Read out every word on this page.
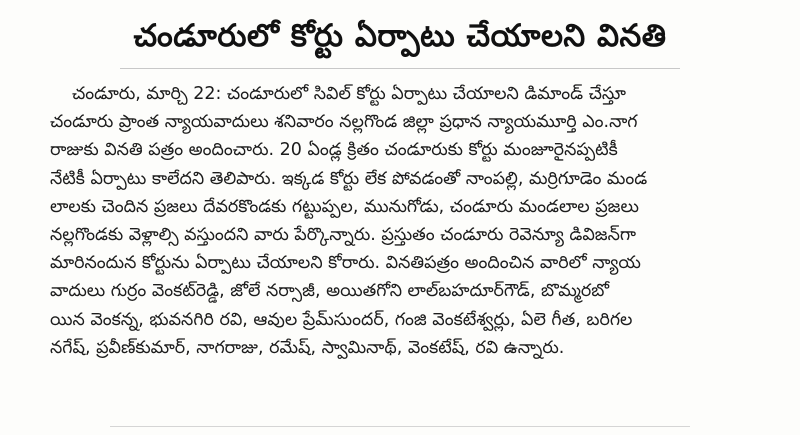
చండూరులో కోర్టు ఏర్పాటు చేయాలని వినతి
చండూరు, మార్చి 22: చండూరులో సివిల్ కోర్టు ఏర్పాటు చేయాలని డిమాండ్ చేస్తూ
చండూరు ప్రాంత న్యాయవాదులు శనివారం నల్లగొండ జిల్లా ప్రధాన న్యాయమూర్తి ఎం.నాగ
రాజుకు వినతి పత్రం అందించారు. 20 ఏండ్ల క్రితం చండూరుకు కోర్టు మంజూరైనప్పటికీ
నేటికీ ఏర్పాటు కాలేదని తెలిపారు. ఇక్కడ కోర్టు లేక పోవడంతో నాంపల్లి, మర్రిగూడెం మండ
లాలకు చెందిన ప్రజలు దేవరకొండకు గట్టుప్పల, మునుగోడు, చండూరు మండలాల ప్రజలు
నల్లగొండకు వెళ్లాల్సి వస్తుందని వారు పేర్కొన్నారు. ప్రస్తుతం చండూరు రెవెన్యూ డివిజన్‌గా
మారినందున కోర్టును ఏర్పాటు చేయాలని కోరారు. వినతిపత్రం అందించిన వారిలో న్యాయ
వాదులు గుర్రం వెంకట్‌రెడ్డి, జోలే నర్సాజీ, అయితగోని లాల్‌బహదూర్‌గౌడ్, బొమ్మరబో
యిన వెంకన్న, భువనగిరి రవి, ఆవుల ప్రేమ్‌సుందర్, గంజి వెంకటేశ్వర్లు, ఏలె గీత, బరిగల
నగేష్, ప్రవీణ్‌కుమార్, నాగరాజు, రమేష్, స్వామినాథ్, వెంకటేష్, రవి ఉన్నారు.
